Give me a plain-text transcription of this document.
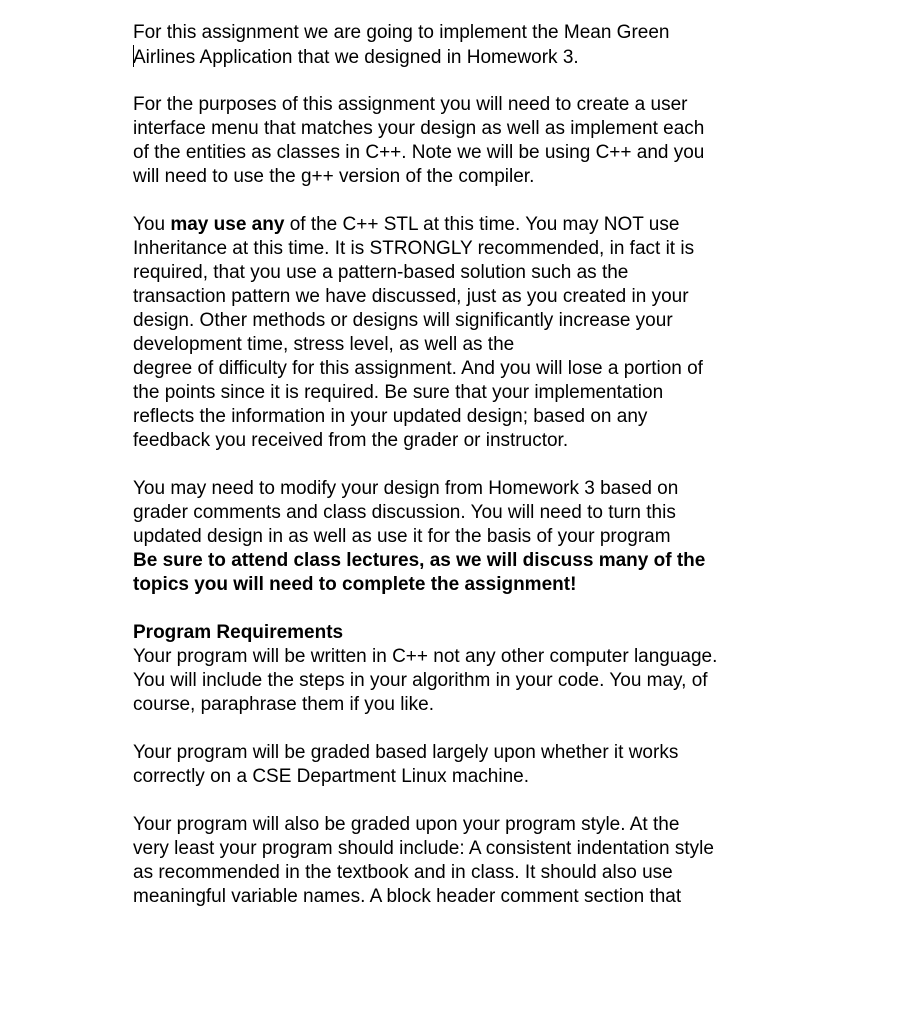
For this assignment we are going to implement the Mean Green
Airlines Application that we designed in Homework 3.

For the purposes of this assignment you will need to create a user
interface menu that matches your design as well as implement each
of the entities as classes in C++. Note we will be using C++ and you
will need to use the g++ version of the compiler.

You may use any of the C++ STL at this time. You may NOT use
Inheritance at this time. It is STRONGLY recommended, in fact it is
required, that you use a pattern-based solution such as the
transaction pattern we have discussed, just as you created in your
design. Other methods or designs will significantly increase your
development time, stress level, as well as the
degree of difficulty for this assignment. And you will lose a portion of
the points since it is required. Be sure that your implementation
reflects the information in your updated design; based on any
feedback you received from the grader or instructor.

You may need to modify your design from Homework 3 based on
grader comments and class discussion. You will need to turn this
updated design in as well as use it for the basis of your program
Be sure to attend class lectures, as we will discuss many of the
topics you will need to complete the assignment!

Program Requirements
Your program will be written in C++ not any other computer language.
You will include the steps in your algorithm in your code. You may, of
course, paraphrase them if you like.

Your program will be graded based largely upon whether it works
correctly on a CSE Department Linux machine.

Your program will also be graded upon your program style. At the
very least your program should include: A consistent indentation style
as recommended in the textbook and in class. It should also use
meaningful variable names. A block header comment section that
